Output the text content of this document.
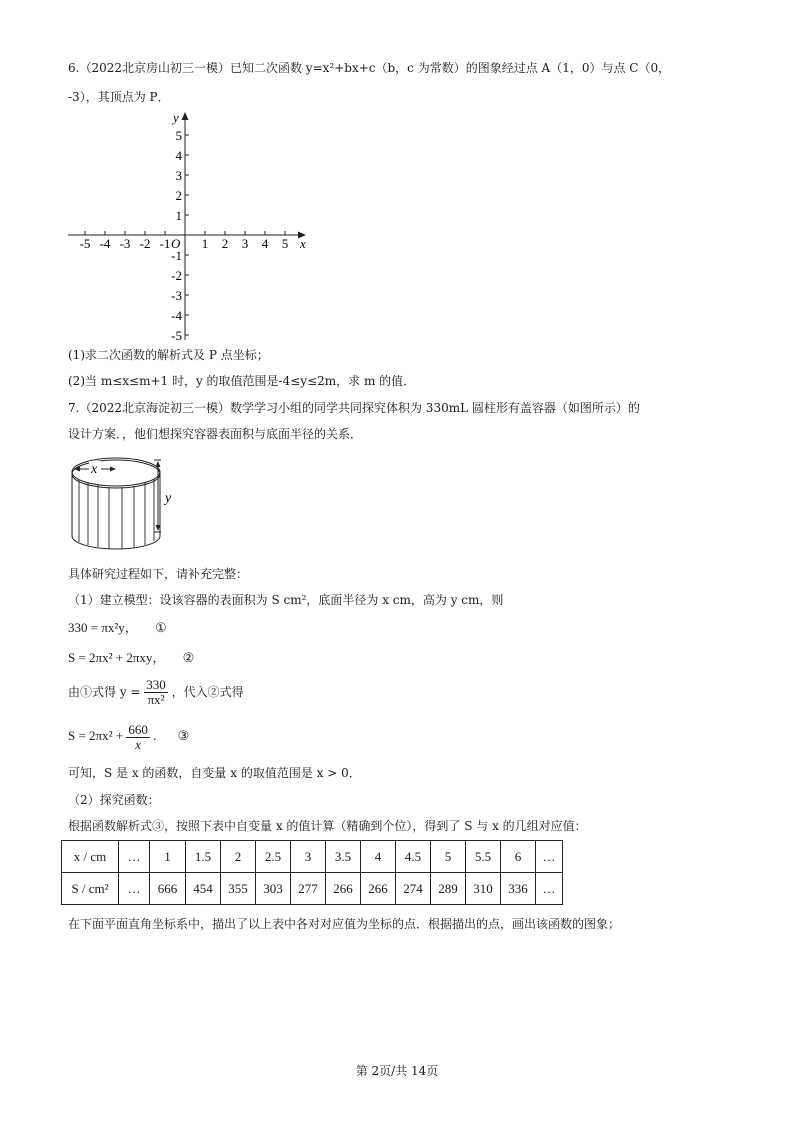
6.（2022北京房山初三一模）已知二次函数 y=x²+bx+c（b，c 为常数）的图象经过点 A（1，0）与点 C（0，
-3），其顶点为 P．
y
x
O
-5 -4 -3 -2 -1 1 2 3 4 5
5
4
3
2
1
-1
-2
-3
-4
-5
(1)求二次函数的解析式及 P 点坐标；
(2)当 m≤x≤m+1 时，y 的取值范围是-4≤y≤2m，求 m 的值．
7.（2022北京海淀初三一模）数学学习小组的同学共同探究体积为 330mL 圆柱形有盖容器（如图所示）的
设计方案．，他们想探究容器表面积与底面半径的关系．
x
y
具体研究过程如下，请补充完整：
（1）建立模型：设该容器的表面积为 S cm²，底面半径为 x cm，高为 y cm，则
330 = πx²y， ①
S = 2πx² + 2πxy， ②
由①式得 $y = \frac{330}{\text{πx²}}$ ，代入②式得
$S = 2\pi x^2 + \frac{660}{x}$ . ③
可知，S 是 x 的函数，自变量 x 的取值范围是 x > 0．
（2）探究函数：
根据函数解析式③，按照下表中自变量 x 的值计算（精确到个位），得到了 S 与 x 的几组对应值：
x / cm	…	1	1.5	2	2.5	3	3.5	4	4.5	5	5.5	6	…
S / cm²	…	666	454	355	303	277	266	266	274	289	310	336	…
在下面平面直角坐标系中，描出了以上表中各对对应值为坐标的点．根据描出的点，画出该函数的图象；
第 2页/共 14页
